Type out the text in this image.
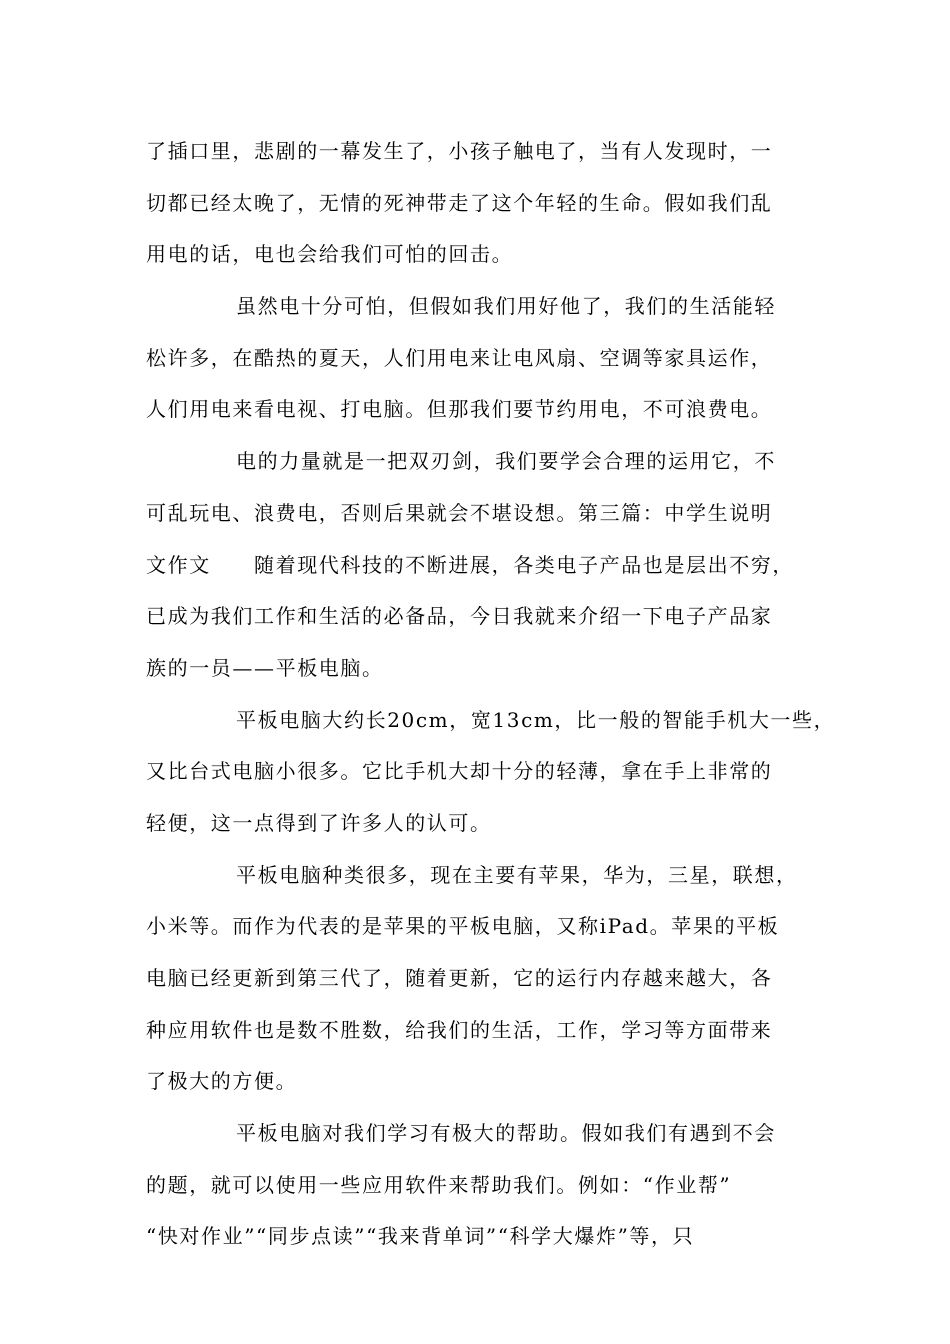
了插口里，悲剧的一幕发生了，小孩子触电了，当有人发现时，一
切都已经太晚了，无情的死神带走了这个年轻的生命。假如我们乱
用电的话，电也会给我们可怕的回击。
虽然电十分可怕，但假如我们用好他了，我们的生活能轻
松许多，在酷热的夏天，人们用电来让电风扇、空调等家具运作，
人们用电来看电视、打电脑。但那我们要节约用电，不可浪费电。
电的力量就是一把双刃剑，我们要学会合理的运用它，不
可乱玩电、浪费电，否则后果就会不堪设想。第三篇：中学生说明
文作文　　随着现代科技的不断进展，各类电子产品也是层出不穷，
已成为我们工作和生活的必备品，今日我就来介绍一下电子产品家
族的一员——平板电脑。
平板电脑大约长20cm，宽13cm，比一般的智能手机大一些，
又比台式电脑小很多。它比手机大却十分的轻薄，拿在手上非常的
轻便，这一点得到了许多人的认可。
平板电脑种类很多，现在主要有苹果，华为，三星，联想，
小米等。而作为代表的是苹果的平板电脑，又称iPad。苹果的平板
电脑已经更新到第三代了，随着更新，它的运行内存越来越大，各
种应用软件也是数不胜数，给我们的生活，工作，学习等方面带来
了极大的方便。
平板电脑对我们学习有极大的帮助。假如我们有遇到不会
的题，就可以使用一些应用软件来帮助我们。例如：“作业帮”
“快对作业”“同步点读”“我来背单词”“科学大爆炸”等，只
